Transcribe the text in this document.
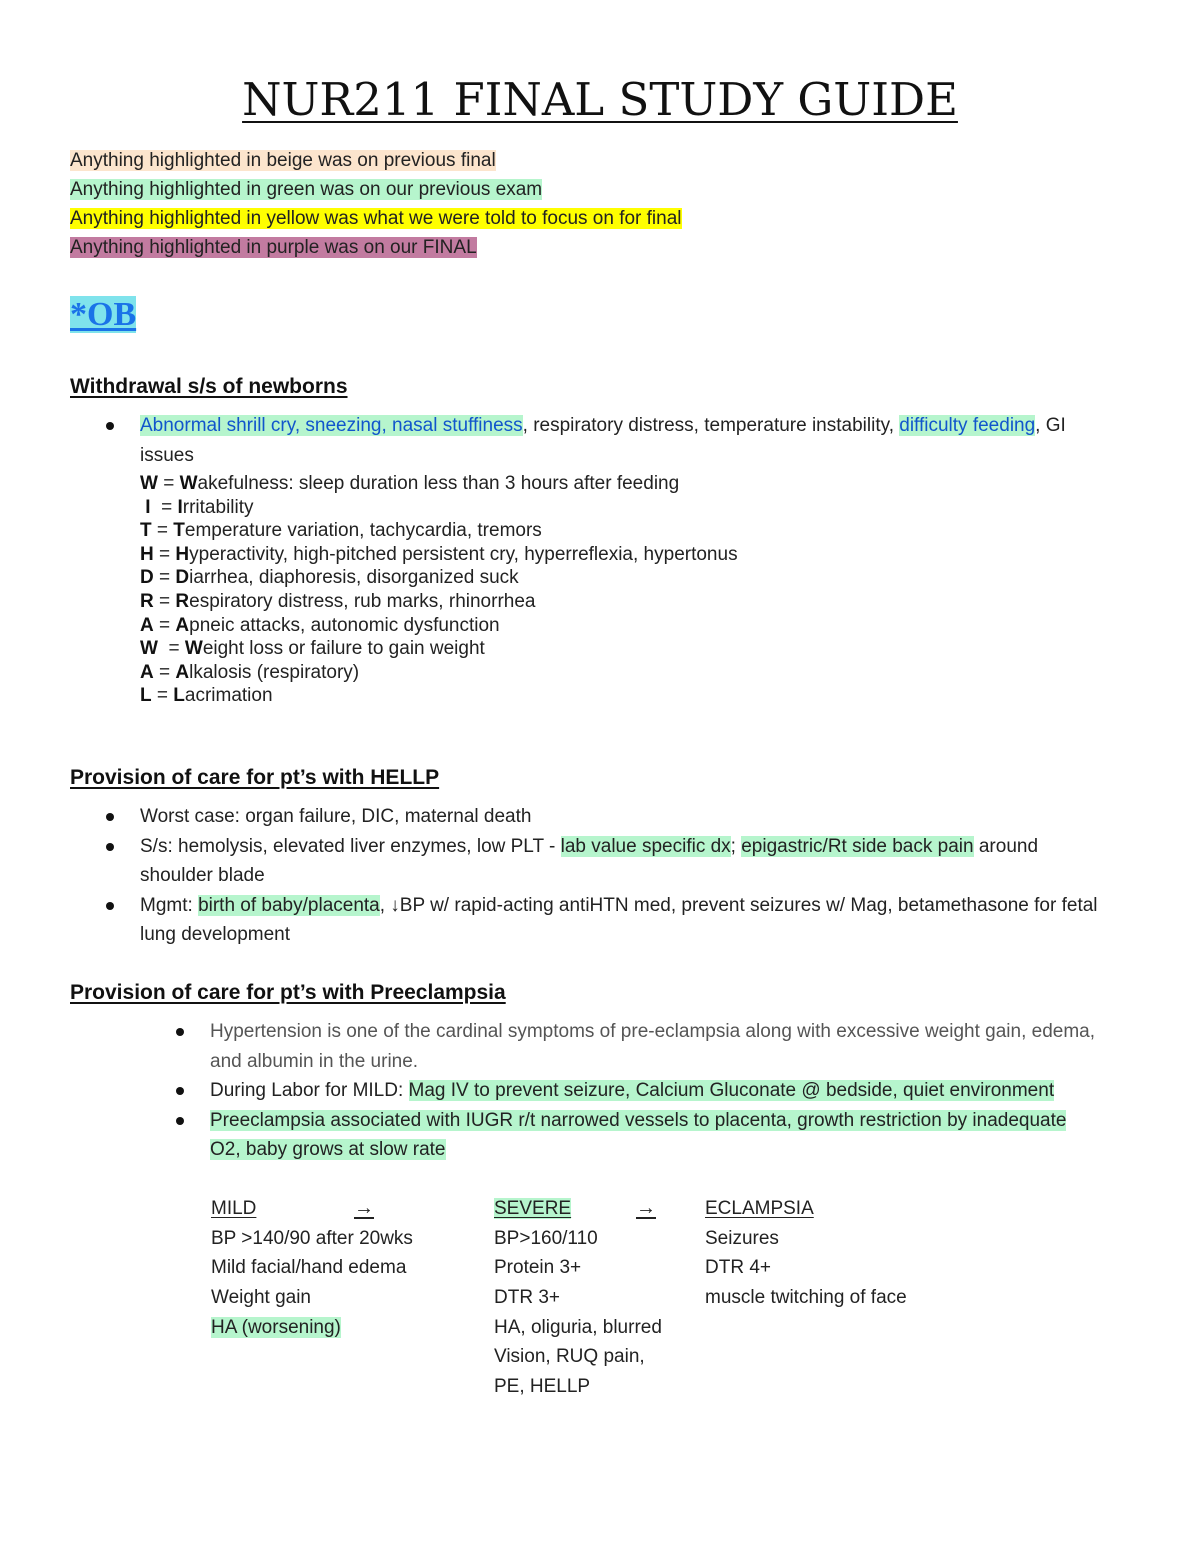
NUR211 FINAL STUDY GUIDE
Anything highlighted in beige was on previous final
Anything highlighted in green was on our previous exam
Anything highlighted in yellow was what we were told to focus on for final
Anything highlighted in purple was on our FINAL
*OB
Withdrawal s/s of newborns
Abnormal shrill cry, sneezing, nasal stuffiness, respiratory distress, temperature instability, difficulty feeding, GI issues
W = Wakefulness: sleep duration less than 3 hours after feeding
I  = Irritability
T = Temperature variation, tachycardia, tremors
H = Hyperactivity, high-pitched persistent cry, hyperreflexia, hypertonus
D = Diarrhea, diaphoresis, disorganized suck
R = Respiratory distress, rub marks, rhinorrhea
A = Apneic attacks, autonomic dysfunction
W  = Weight loss or failure to gain weight
A = Alkalosis (respiratory)
L = Lacrimation
Provision of care for pt’s with HELLP
Worst case: organ failure, DIC, maternal death
S/s: hemolysis, elevated liver enzymes, low PLT - lab value specific dx; epigastric/Rt side back pain around shoulder blade
Mgmt: birth of baby/placenta, ↓BP w/ rapid-acting antiHTN med, prevent seizures w/ Mag, betamethasone for fetal lung development
Provision of care for pt’s with Preeclampsia
Hypertension is one of the cardinal symptoms of pre-eclampsia along with excessive weight gain, edema, and albumin in the urine.
During Labor for MILD: Mag IV to prevent seizure, Calcium Gluconate @ bedside, quiet environment
Preeclampsia associated with IUGR r/t narrowed vessels to placenta, growth restriction by inadequate O2, baby grows at slow rate
MILD
BP >140/90 after 20wks
Mild facial/hand edema
Weight gain
HA (worsening)
→	SEVERE
BP>160/110
Protein 3+
DTR 3+
HA, oliguria, blurred
Vision, RUQ pain,
PE, HELLP
→	ECLAMPSIA
Seizures
DTR 4+
muscle twitching of face
